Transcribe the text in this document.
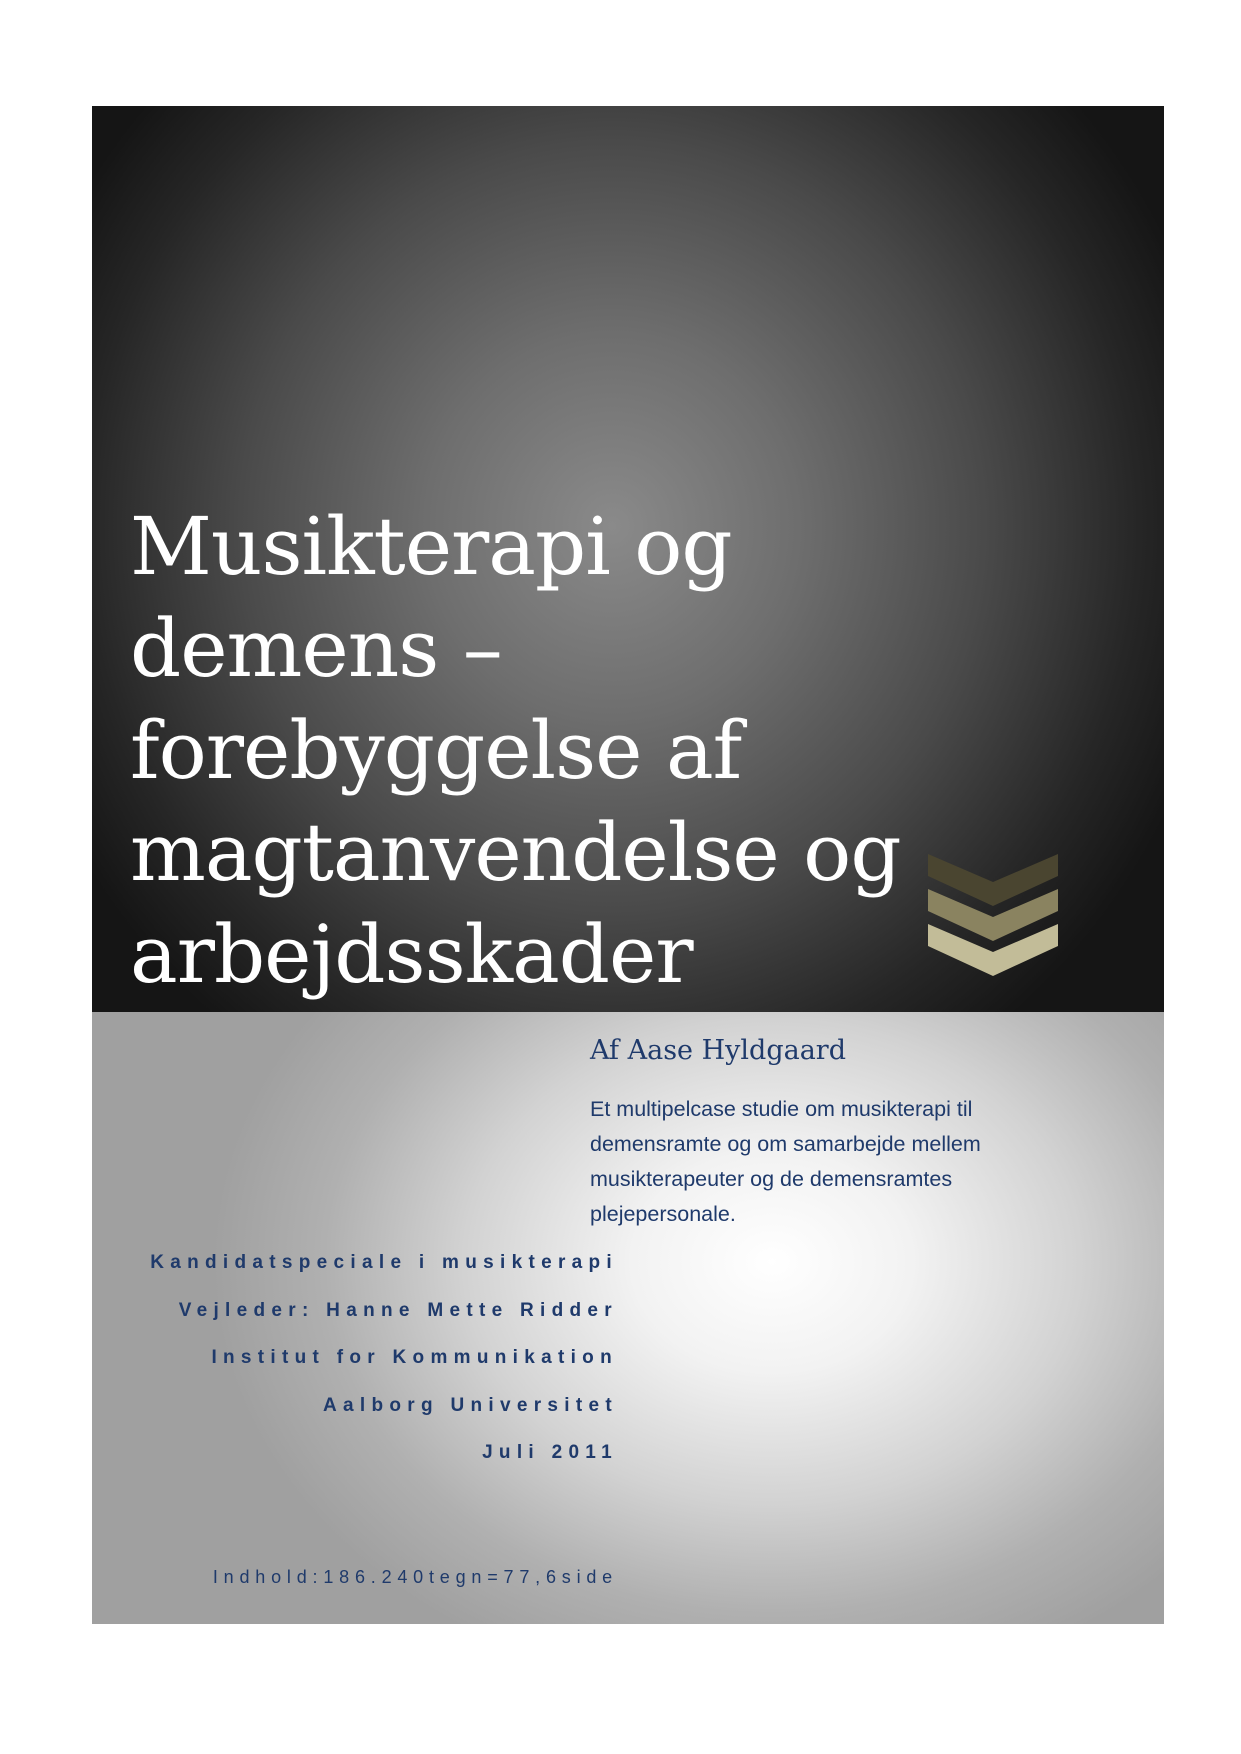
Musikterapi og
demens –
forebyggelse af
magtanvendelse og
arbejdsskader
Af Aase Hyldgaard

Et multipelcase studie om musikterapi til
demensramte og om samarbejde mellem
musikterapeuter og de demensramtes
plejepersonale.

Kandidatspeciale i musikterapi
Vejleder: Hanne Mette Ridder
Institut for Kommunikation
Aalborg Universitet
Juli 2011
Indhold:186.240tegn=77,6side
